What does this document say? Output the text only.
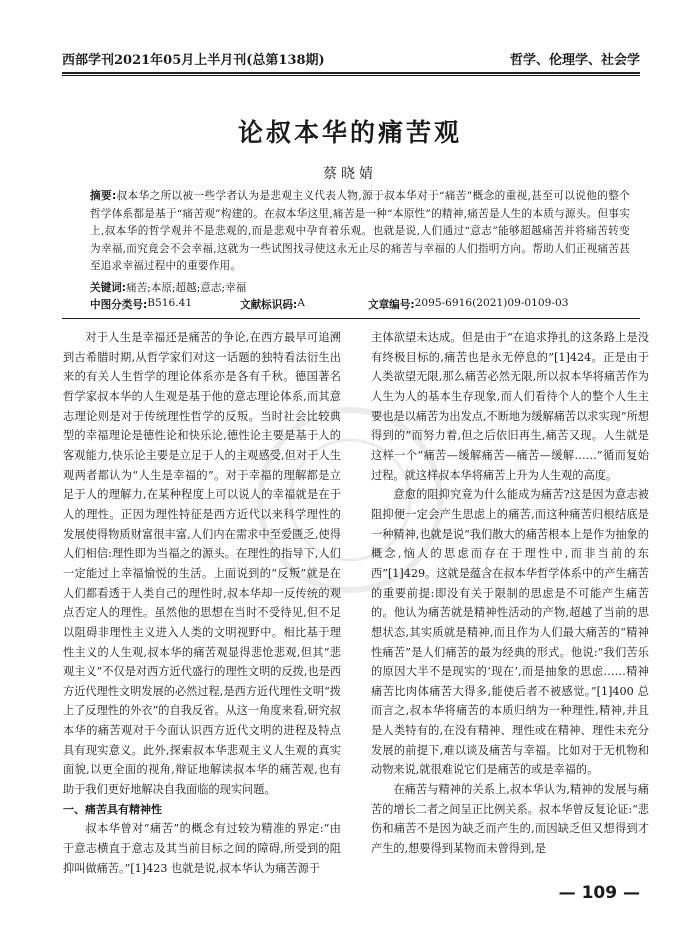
西部学刊2021年05月上半月刊(总第138期)	哲学、伦理学、社会学
论叔本华的痛苦观
蔡晓婧
摘要:叔本华之所以被一些学者认为是悲观主义代表人物,源于叔本华对于“痛苦”概念的重视,甚至可以说他的整个哲学体系都是基于“痛苦观”构建的。在叔本华这里,痛苦是一种“本原性”的精神,痛苦是人生的本质与源头。但事实上,叔本华的哲学观并不是悲观的,而是悲观中孕育着乐观。也就是说,人们通过“意志”能够超越痛苦并将痛苦转变为幸福,而究竟会不会幸福,这就为一些试图找寻使这永无止尽的痛苦与幸福的人们指明方向。帮助人们正视痛苦甚至追求幸福过程中的重要作用。
关键词:痛苦;本原;超越;意志;幸福
中图分类号: B516.41	文献标识码: A	文章编号: 2095-6916(2021)09-0109-03

对于人生是幸福还是痛苦的争论,在西方最早可追溯到古希腊时期,从哲学家们对这一话题的独特看法衍生出来的有关人生哲学的理论体系亦是各有千秋。德国著名哲学家叔本华的人生观是基于他的意志理论体系,而其意志理论则是对于传统理性哲学的反叛。当时社会比较典型的幸福理论是德性论和快乐论,德性论主要是基于人的客观能力,快乐论主要是立足于人的主观感受,但对于人生观两者都认为“人生是幸福的”。对于幸福的理解都是立足于人的理解力,在某种程度上可以说人的幸福就是在于人的理性。正因为理性特征是西方近代以来科学理性的发展使得物质财富很丰富,人们内在需求中至爱匮乏,使得人们相信:理性即为当福之的源头。在理性的指导下,人们一定能过上幸福愉悦的生活。上面说到的“反叛”就是在人们都看透于人类自己的理性时,叔本华却一反传统的观点否定人的理性。虽然他的思想在当时不受待见,但不足以阻碍非理性主义进入人类的文明视野中。相比基于理性主义的人生观,叔本华的痛苦观显得悲怆悲观,但其“悲观主义”不仅是对西方近代盛行的理性文明的反拨,也是西方近代理性文明发展的必然过程,是西方近代理性文明“拨上了反理性的外衣”的自我反省。从这一角度来看,研究叔本华的痛苦观对于今面认识西方近代文明的进程及特点具有现实意义。此外,探索叔本华悲观主义人生观的真实面貌,以更全面的视角,辩证地解读叔本华的痛苦观,也有助于我们更好地解决自我面临的现实问题。

一、痛苦具有精神性

叔本华曾对“痛苦”的概念有过较为精准的界定:“由于意志横直于意志及其当前目标之间的障碍,所受到的阻抑叫做痛苦。”[1]423 也就是说,叔本华认为痛苦源于

主体欲望未达成。但是由于“在追求挣扎的这条路上是没有终极目标的,痛苦也是永无停息的”[1]424。正是由于人类欲望无限,那么痛苦必然无限,所以叔本华将痛苦作为人生为人的基本生存现象,而人们看待个人的整个人生主要也是以痛苦为出发点,不断地为缓解痛苦以求实现“所想得到的”而努力着,但之后依旧再生,痛苦又现。人生就是这样一个“痛苦—缓解痛苦—痛苦—缓解……”循而复始过程。就这样叔本华将痛苦上升为人生观的高度。

意愈的阻抑究竟为什么能成为痛苦?这是因为意志被阻抑便一定会产生思虑上的痛苦,而这种痛苦归根结底是一种精神,也就是说“我们散大的痛苦根本上是作为抽象的概念,恼人的思虑而存在于理性中,而非当前的东西”[1]429。这就是蕴含在叔本华哲学体系中的产生痛苦的重要前提:即没有关于限制的思虑是不可能产生痛苦的。他认为痛苦就是精神性活动的产物,超越了当前的思想状态,其实质就是精神,而且作为人们最大痛苦的“精神性痛苦”是人们痛苦的最为经典的形式。他说:“我们苦乐的原因大半不是现实的‘现在’,而是抽象的思虑……精神痛苦比肉体痛苦大得多,能使后者不被感觉。”[1]400 总而言之,叔本华将痛苦的本质归纳为一种理性,精神,并且是人类特有的,在没有精神、理性或在精神、理性未充分发展的前提下,难以谈及痛苦与幸福。比如对于无机物和动物来说,就很难说它们是痛苦的或是幸福的。

在痛苦与精神的关系上,叔本华认为,精神的发展与痛苦的增长二者之间呈正比例关系。叔本华曾反复论证:“悲伤和痛苦不是因为缺乏而产生的,而因缺乏但又想得到才产生的,想要得到某物而未曾得到,是

— 109 —
